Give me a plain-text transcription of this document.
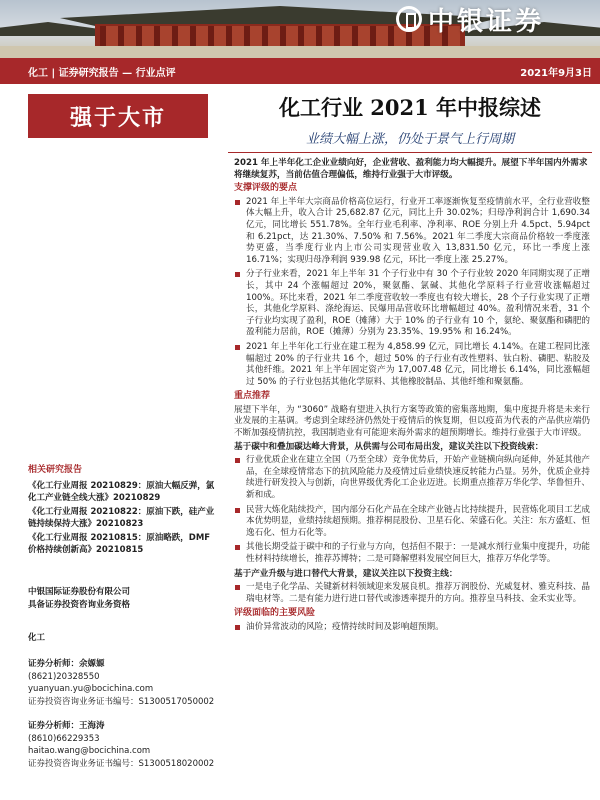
中银证券
化工 | 证券研究报告 — 行业点评	2021年9月3日
强于大市
相关研究报告
《化工行业周报 20210829：原油大幅反弹，氯化工产业链全线大涨》20210829
《化工行业周报 20210822：原油下跌，硅产业链持续保持大涨》20210823
《化工行业周报 20210815：原油略跌，DMF价格持续创新高》20210815
中银国际证券股份有限公司
具备证券投资咨询业务资格
化工
证券分析师：余嫄嫄
(8621)20328550
yuanyuan.yu@bocichina.com
证券投资咨询业务证书编号：S1300517050002
证券分析师：王海涛
(8610)66229353
haitao.wang@bocichina.com
证券投资咨询业务证书编号：S1300518020002
化工行业 2021 年中报综述
业绩大幅上涨，仍处于景气上行周期
2021 年上半年化工企业业绩向好，企业营收、盈利能力均大幅提升。展望下半年国内外需求将继续复苏，当前估值合理偏低，维持行业强于大市评级。
支撑评级的要点
2021 年上半年大宗商品价格高位运行，行业开工率逐渐恢复至疫情前水平，全行业营收整体大幅上升，收入合计 25,682.87 亿元，同比上升 30.02%；归母净利润合计 1,690.34 亿元，同比增长 551.78%。全年行业毛利率、净利率、ROE 分别上升 4.5pct、5.94pct 和 6.21pct，达 21.30%、7.50% 和 7.56%。2021 年二季度大宗商品价格较一季度涨势更盛，当季度行业内上市公司实现营业收入 13,831.50 亿元，环比一季度上涨 16.71%；实现归母净利润 939.98 亿元，环比一季度上涨 25.27%。
分子行业来看，2021 年上半年 31 个子行业中有 30 个子行业较 2020 年同期实现了正增长，其中 24 个涨幅超过 20%，聚氨酯、氯碱、其他化学原料子行业营收涨幅超过 100%。环比来看，2021 年二季度营收较一季度也有较大增长，28 个子行业实现了正增长，其他化学原料、涤纶海运、民爆用品营收环比增幅超过 40%。盈利情况来看，31 个子行业均实现了盈利，ROE（摊薄）大于 10% 的子行业有 10 个，氨纶、聚氨酯和磷肥的盈利能力居前，ROE（摊薄）分别为 23.35%、19.95% 和 16.24%。
2021 年上半年化工行业在建工程为 4,858.99 亿元，同比增长 4.14%。在建工程同比涨幅超过 20% 的子行业共 16 个，超过 50% 的子行业有改性塑料、钛白粉、磷肥、粘胶及其他纤维。2021 年上半年固定资产为 17,007.48 亿元，同比增长 6.14%，同比涨幅超过 50% 的子行业包括其他化学原料、其他橡胶制品、其他纤维和聚氨酯。
重点推荐
展望下半年，为 “3060” 战略有望进入执行方案等政策的密集落地期，集中度提升将是未来行业发展的主基调。考虑到全球经济仍然处于疫情后的恢复期，但以疫苗为代表的产品供应端仍不断加强疫情抗控，我国制造业有可能迎来海外需求的超预期增长。维持行业强于大市评级。
基于碳中和叠加碳达峰大背景，从供需与公司布局出发，建议关注以下投资线索：
行业优质企业在建立全国（乃至全球）竞争优势后，开始产业链横向纵向延伸，外延其他产品，在全球疫情常态下的抗风险能力及疫情过后业绩快速反转能力凸显。另外，优质企业持续进行研发投入与创新，向世界级优秀化工企业迈进。长期重点推荐万华化学、华鲁恒升、新和成。
民营大炼化陆续投产，国内部分石化产品在全球产业链占比持续提升，民营炼化项目工艺成本优势明显，业绩持续超预期。推荐桐昆股份、卫星石化、荣盛石化。关注：东方盛虹、恒逸石化、恒力石化等。
其他长期受益于碳中和的子行业与方向，包括但不限于：一是减水剂行业集中度提升，功能性材料持续增长，推荐苏博特；二是可降解塑料发展空间巨大，推荐万华化学等。
基于产业升级与进口替代大背景，建议关注以下投资主线：
一是电子化学品、关键新材料领域迎来发展良机。推荐万润股份、光威复材、雅克科技、晶瑞电材等。二是有能力进行进口替代或渗透率提升的方向。推荐皇马科技、金禾实业等。
评级面临的主要风险
油价异常波动的风险；疫情持续时间及影响超预期。
